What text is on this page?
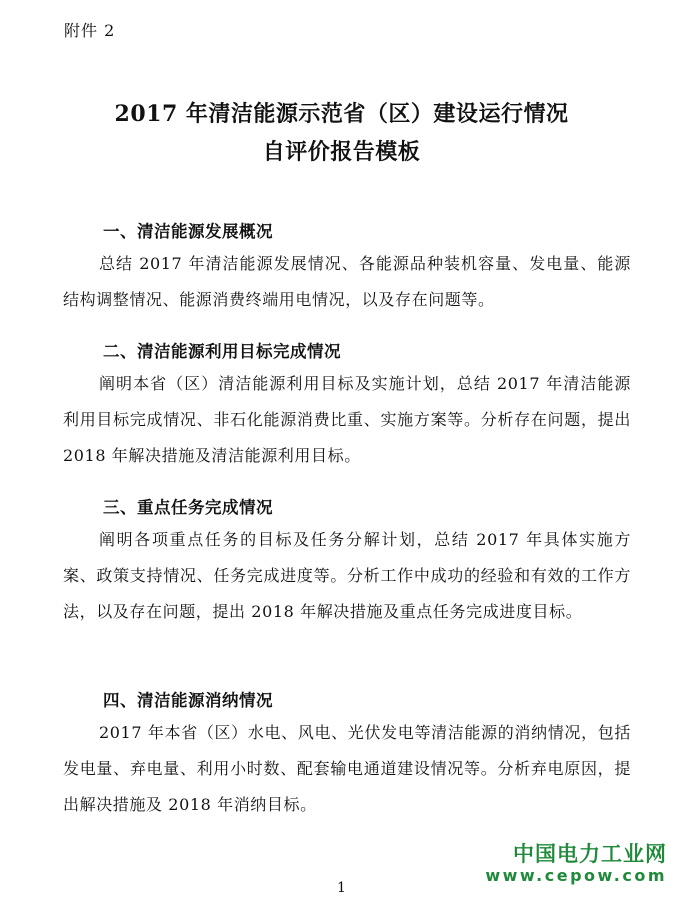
附件 2
2017 年清洁能源示范省（区）建设运行情况
自评价报告模板
一、清洁能源发展概况
总结 2017 年清洁能源发展情况、各能源品种装机容量、发电量、能源结构调整情况、能源消费终端用电情况，以及存在问题等。
二、清洁能源利用目标完成情况
阐明本省（区）清洁能源利用目标及实施计划，总结 2017 年清洁能源利用目标完成情况、非石化能源消费比重、实施方案等。分析存在问题，提出 2018 年解决措施及清洁能源利用目标。
三、重点任务完成情况
阐明各项重点任务的目标及任务分解计划，总结 2017 年具体实施方案、政策支持情况、任务完成进度等。分析工作中成功的经验和有效的工作方法，以及存在问题，提出 2018 年解决措施及重点任务完成进度目标。
四、清洁能源消纳情况
2017 年本省（区）水电、风电、光伏发电等清洁能源的消纳情况，包括发电量、弃电量、利用小时数、配套输电通道建设情况等。分析弃电原因，提出解决措施及 2018 年消纳目标。
中国电力工业网
www.cepow.com
1
